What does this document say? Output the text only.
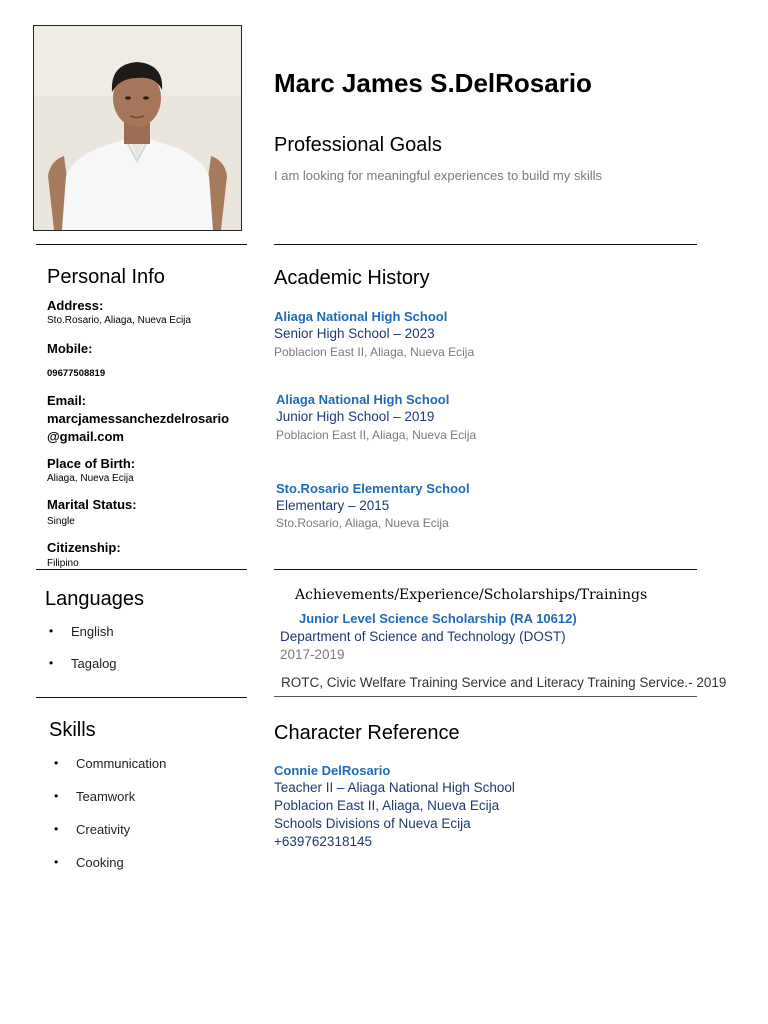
Marc James S.DelRosario
Professional Goals
I am looking for meaningful experiences to build my skills
Personal Info
Address:
Sto.Rosario, Aliaga, Nueva Ecija
Mobile:
09677508819
Email:
marcjamessanchezdelrosario
@gmail.com
Place of Birth:
Aliaga, Nueva Ecija
Marital Status:
Single
Citizenship:
Filipino
Languages
• English
• Tagalog
Skills
• Communication
• Teamwork
• Creativity
• Cooking
Academic History
Aliaga National High School
Senior High School – 2023
Poblacion East II, Aliaga, Nueva Ecija
Aliaga National High School
Junior High School – 2019
Poblacion East II, Aliaga, Nueva Ecija
Sto.Rosario Elementary School
Elementary – 2015
Sto.Rosario, Aliaga, Nueva Ecija
Achievements/Experience/Scholarships/Trainings
Junior Level Science Scholarship (RA 10612)
Department of Science and Technology (DOST)
2017-2019
ROTC, Civic Welfare Training Service and Literacy Training Service.- 2019
Character Reference
Connie DelRosario
Teacher II – Aliaga National High School
Poblacion East II, Aliaga, Nueva Ecija
Schools Divisions of Nueva Ecija
+639762318145
